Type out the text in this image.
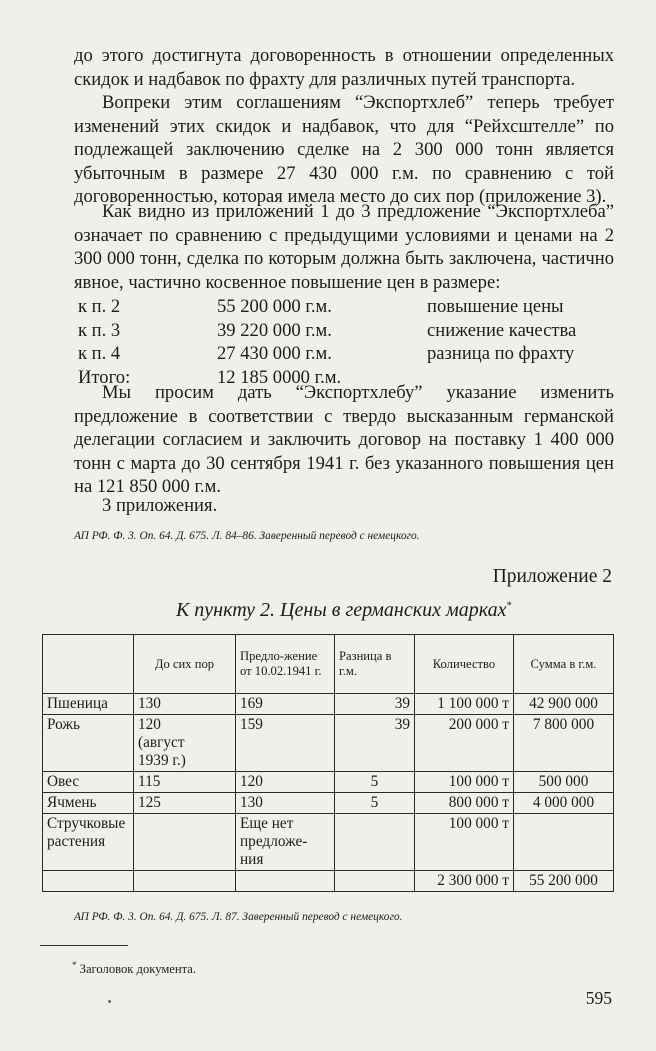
до этого достигнута договоренность в отношении определенных скидок и надбавок по фрахту для различных путей транспорта.

Вопреки этим соглашениям “Экспортхлеб” теперь требует изменений этих скидок и надбавок, что для “Рейхсштелле” по подлежащей заключению сделке на 2 300 000 тонн является убыточным в размере 27 430 000 г.м. по сравнению с той договоренностью, которая имела место до сих пор (приложение 3).

Как видно из приложений 1 до 3 предложение “Экспортхлеба” означает по сравнению с предыдущими условиями и ценами на 2 300 000 тонн, сделка по которым должна быть заключена, частично явное, частично косвенное повышение цен в размере:

к п. 2	55 200 000 г.м.	повышение цены
к п. 3	39 220 000 г.м.	снижение качества
к п. 4	27 430 000 г.м.	разница по фрахту
Итого:	12 185 0000 г.м.

Мы просим дать “Экспортхлебу” указание изменить предложение в соответствии с твердо высказанным германской делегации согласием и заключить договор на поставку 1 400 000 тонн с марта до 30 сентября 1941 г. без указанного повышения цен на 121 850 000 г.м.

3 приложения.

АП РФ. Ф. 3. Оп. 64. Д. 675. Л. 84–86. Заверенный перевод с немецкого.
Приложение 2
К пункту 2. Цены в германских марках*
	До сих пор	Предло-жение от 10.02.1941 г.	Разница в г.м.	Количество	Сумма в г.м.
Пшеница	130	169	39	1 100 000 т	42 900 000
Рожь	120 (август 1939 г.)	159	39	200 000 т	7 800 000
Овес	115	120	5	100 000 т	500 000
Ячмень	125	130	5	800 000 т	4 000 000
Стручковые растения		Еще нет предложе-ния		100 000 т	
				2 300 000 т	55 200 000
АП РФ. Ф. 3. Оп. 64. Д. 675. Л. 87. Заверенный перевод с немецкого.
* Заголовок документа.
595
